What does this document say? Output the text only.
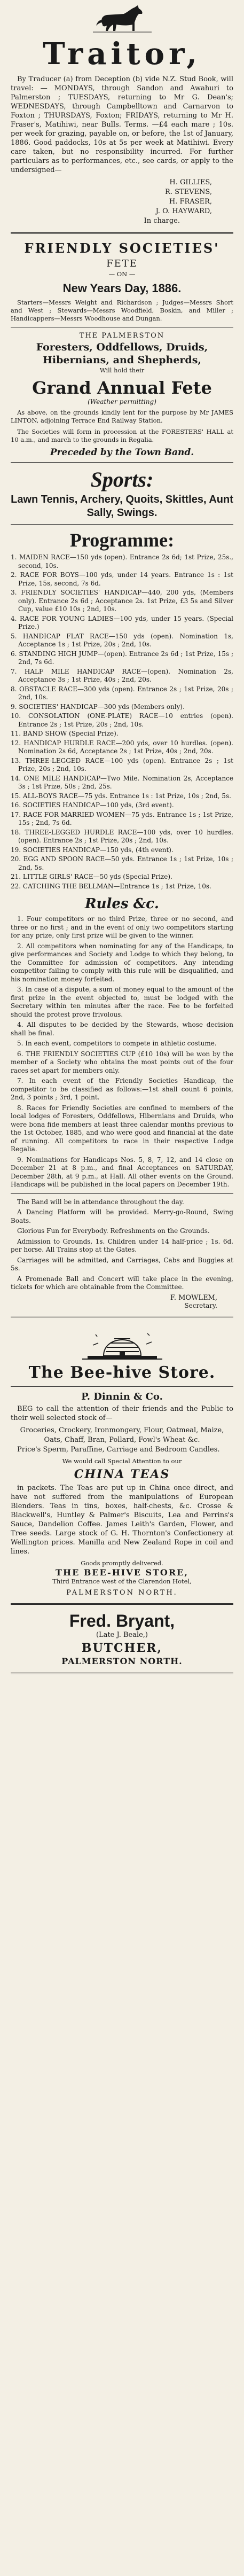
Traitor,

By Traducer (a) from Deception (b) vide N.Z. Stud Book, will travel: — MONDAYS, through Sandon and Awahuri to Palmerston ; TUESDAYS, returning to Mr G. Dean's; WEDNESDAYS, through Campbelltown and Carnarvon to Foxton ; THURSDAYS, Foxton; FRIDAYS, returning to Mr H. Fraser's, Matihiwi, near Bulls. Terms. —£4 each mare ; 10s. per week for grazing, payable on, or before, the 1st of January, 1886. Good paddocks, 10s at 5s per week at Matihiwi. Every care taken, but no responsibility incurred. For further particulars as to performances, etc., see cards, or apply to the undersigned—

H. GILLIES,
R. STEVENS,
H. FRASER,
J. O. HAYWARD,
In charge.
FRIENDLY SOCIETIES'
FETE
— ON —
New Years Day, 1886.

Starters—Messrs Weight and Richardson ; Judges—Messrs Short and West ; Stewards—Messrs Woodfield, Boskin, and Miller ; Handicappers—Messrs Woodhouse and Dungan.

THE PALMERSTON
Foresters, Oddfellows, Druids, Hibernians, and Shepherds,
Will hold their
Grand Annual Fete
(Weather permitting)

As above, on the grounds kindly lent for the purpose by Mr JAMES LINTON, adjoining Terrace End Railway Station.

The Societies will form in procession at the FORESTERS' HALL at 10 a.m., and march to the grounds in Regalia.

Preceded by the Town Band.
Sports:
Lawn Tennis, Archery, Quoits, Skittles, Aunt Sally, Swings.
Programme:

1. MAIDEN RACE—150 yds (open). Entrance 2s 6d; 1st Prize, 25s., second, 10s.

2. RACE FOR BOYS—100 yds, under 14 years. Entrance 1s : 1st Prize, 15s, second, 7s 6d.

3. FRIENDLY SOCIETIES' HANDICAP—440, 200 yds, (Members only). Entrance 2s 6d ; Acceptance 2s. 1st Prize, £3 5s and Silver Cup, value £10 10s ; 2nd, 10s.

4. RACE FOR YOUNG LADIES—100 yds, under 15 years. (Special Prize.)

5. HANDICAP FLAT RACE—150 yds (open). Nomination 1s, Acceptance 1s ; 1st Prize, 20s ; 2nd, 10s.

6. STANDING HIGH JUMP—(open). Entrance 2s 6d ; 1st Prize, 15s ; 2nd, 7s 6d.

7. HALF MILE HANDICAP RACE—(open). Nomination 2s, Acceptance 3s ; 1st Prize, 40s ; 2nd, 20s.

8. OBSTACLE RACE—300 yds (open). Entrance 2s ; 1st Prize, 20s ; 2nd, 10s.

9. SOCIETIES' HANDICAP—300 yds (Members only).

10. CONSOLATION (ONE-PLATE) RACE—10 entries (open). Entrance 2s ; 1st Prize, 20s ; 2nd, 10s.

11. BAND SHOW (Special Prize).

12. HANDICAP HURDLE RACE—200 yds, over 10 hurdles. (open). Nomination 2s 6d, Acceptance 2s ; 1st Prize, 40s ; 2nd, 20s.

13. THREE-LEGGED RACE—100 yds (open). Entrance 2s ; 1st Prize, 20s ; 2nd, 10s.

14. ONE MILE HANDICAP—Two Mile. Nomination 2s, Acceptance 3s ; 1st Prize, 50s ; 2nd, 25s.

15. ALL-BOYS RACE—75 yds. Entrance 1s : 1st Prize, 10s ; 2nd, 5s.

16. SOCIETIES HANDICAP—100 yds, (3rd event).

17. RACE FOR MARRIED WOMEN—75 yds. Entrance 1s ; 1st Prize, 15s ; 2nd, 7s 6d.

18. THREE-LEGGED HURDLE RACE—100 yds, over 10 hurdles. (open). Entrance 2s ; 1st Prize, 20s ; 2nd, 10s.

19. SOCIETIES HANDICAP—150 yds, (4th event).

20. EGG AND SPOON RACE—50 yds. Entrance 1s ; 1st Prize, 10s ; 2nd, 5s.

21. LITTLE GIRLS' RACE—50 yds (Special Prize).

22. CATCHING THE BELLMAN—Entrance 1s ; 1st Prize, 10s.

Rules &c.

1. Four competitors or no third Prize, three or no second, and three or no first ; and in the event of only two competitors starting for any prize, only first prize will be given to the winner.

2. All competitors when nominating for any of the Handicaps, to give performances and Society and Lodge to which they belong, to the Committee for admission of competitors. Any intending competitor failing to comply with this rule will be disqualified, and his nomination money forfeited.

3. In case of a dispute, a sum of money equal to the amount of the first prize in the event objected to, must be lodged with the Secretary within ten minutes after the race. Fee to be forfeited should the protest prove frivolous.

4. All disputes to be decided by the Stewards, whose decision shall be final.

5. In each event, competitors to compete in athletic costume.

6. THE FRIENDLY SOCIETIES CUP (£10 10s) will be won by the member of a Society who obtains the most points out of the four races set apart for members only.

7. In each event of the Friendly Societies Handicap, the competitor to be classified as follows:—1st shall count 6 points, 2nd, 3 points ; 3rd, 1 point.

8. Races for Friendly Societies are confined to members of the local lodges of Foresters, Oddfellows, Hibernians and Druids, who were bona fide members at least three calendar months previous to the 1st October, 1885, and who were good and financial at the date of running. All competitors to race in their respective Lodge Regalia.

9. Nominations for Handicaps Nos. 5, 8, 7, 12, and 14 close on December 21 at 8 p.m., and final Acceptances on SATURDAY, December 28th, at 9 p.m., at Hall. All other events on the Ground. Handicaps will be published in the local papers on December 19th.

The Band will be in attendance throughout the day.

A Dancing Platform will be provided. Merry-go-Round, Swing Boats.

Glorious Fun for Everybody. Refreshments on the Grounds.

Admission to Grounds, 1s. Children under 14 half-price ; 1s. 6d. per horse. All Trains stop at the Gates.

Carriages will be admitted, and Carriages, Cabs and Buggies at 5s.

A Promenade Ball and Concert will take place in the evening, tickets for which are obtainable from the Committee.

F. MOWLEM,
Secretary.
The Bee-hive Store.
P. Dinnin & Co.

BEG to call the attention of their friends and the Public to their well selected stock of—

Groceries, Crockery, Ironmongery, Flour, Oatmeal, Maize, Oats, Chaff, Bran, Pollard, Fowl's Wheat &c.

Price's Sperm, Paraffine, Carriage and Bedroom Candles.

We would call Special Attention to our
CHINA TEAS

in packets. The Teas are put up in China once direct, and have not suffered from the manipulations of European Blenders. Teas in tins, boxes, half-chests, &c. Crosse & Blackwell's, Huntley & Palmer's Biscuits, Lea and Perrins's Sauce, Dandelion Coffee. James Leith's Garden, Flower, and Tree seeds. Large stock of G. H. Thornton's Confectionery at Wellington prices. Manilla and New Zealand Rope in coil and lines.

Goods promptly delivered.
THE BEE-HIVE STORE,
Third Entrance west of the Clarendon Hotel,
PALMERSTON NORTH.
Fred. Bryant,
(Late J. Beale,)
BUTCHER,
PALMERSTON NORTH.
